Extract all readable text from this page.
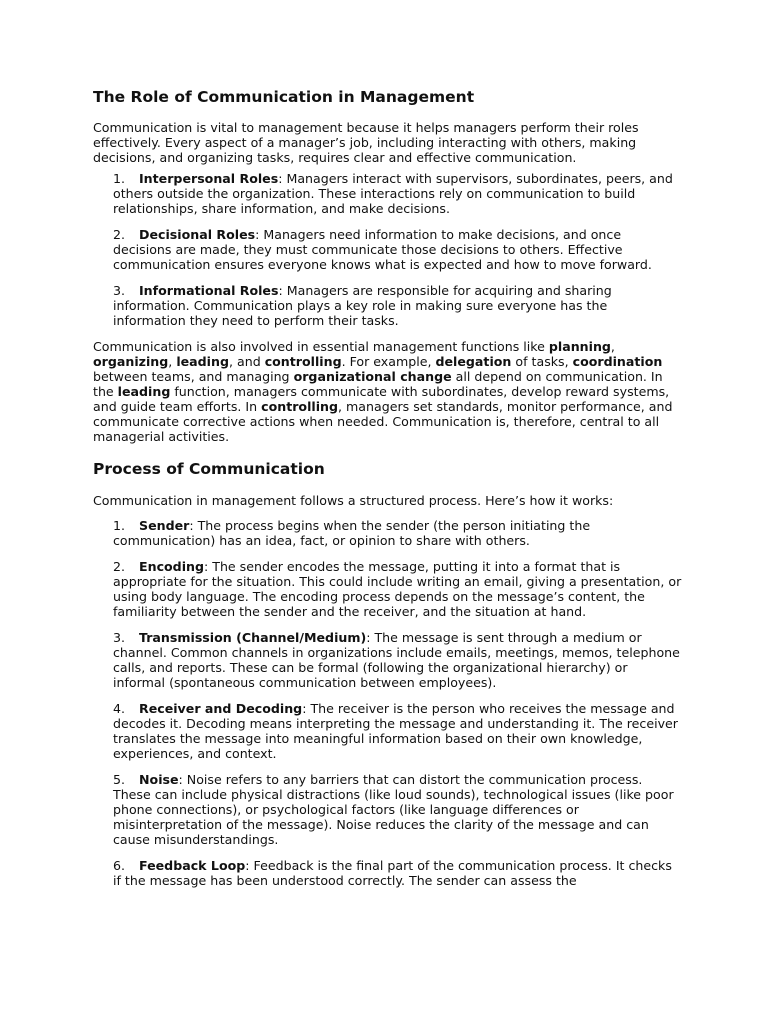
The Role of Communication in Management

Communication is vital to management because it helps managers perform their roles effectively. Every aspect of a manager’s job, including interacting with others, making decisions, and organizing tasks, requires clear and effective communication.

1. Interpersonal Roles: Managers interact with supervisors, subordinates, peers, and others outside the organization. These interactions rely on communication to build relationships, share information, and make decisions.
2. Decisional Roles: Managers need information to make decisions, and once decisions are made, they must communicate those decisions to others. Effective communication ensures everyone knows what is expected and how to move forward.
3. Informational Roles: Managers are responsible for acquiring and sharing information. Communication plays a key role in making sure everyone has the information they need to perform their tasks.

Communication is also involved in essential management functions like planning, organizing, leading, and controlling. For example, delegation of tasks, coordination between teams, and managing organizational change all depend on communication. In the leading function, managers communicate with subordinates, develop reward systems, and guide team efforts. In controlling, managers set standards, monitor performance, and communicate corrective actions when needed. Communication is, therefore, central to all managerial activities.

Process of Communication

Communication in management follows a structured process. Here’s how it works:

1. Sender: The process begins when the sender (the person initiating the communication) has an idea, fact, or opinion to share with others.
2. Encoding: The sender encodes the message, putting it into a format that is appropriate for the situation. This could include writing an email, giving a presentation, or using body language. The encoding process depends on the message’s content, the familiarity between the sender and the receiver, and the situation at hand.
3. Transmission (Channel/Medium): The message is sent through a medium or channel. Common channels in organizations include emails, meetings, memos, telephone calls, and reports. These can be formal (following the organizational hierarchy) or informal (spontaneous communication between employees).
4. Receiver and Decoding: The receiver is the person who receives the message and decodes it. Decoding means interpreting the message and understanding it. The receiver translates the message into meaningful information based on their own knowledge, experiences, and context.
5. Noise: Noise refers to any barriers that can distort the communication process. These can include physical distractions (like loud sounds), technological issues (like poor phone connections), or psychological factors (like language differences or misinterpretation of the message). Noise reduces the clarity of the message and can cause misunderstandings.
6. Feedback Loop: Feedback is the final part of the communication process. It checks if the message has been understood correctly. The sender can assess the
